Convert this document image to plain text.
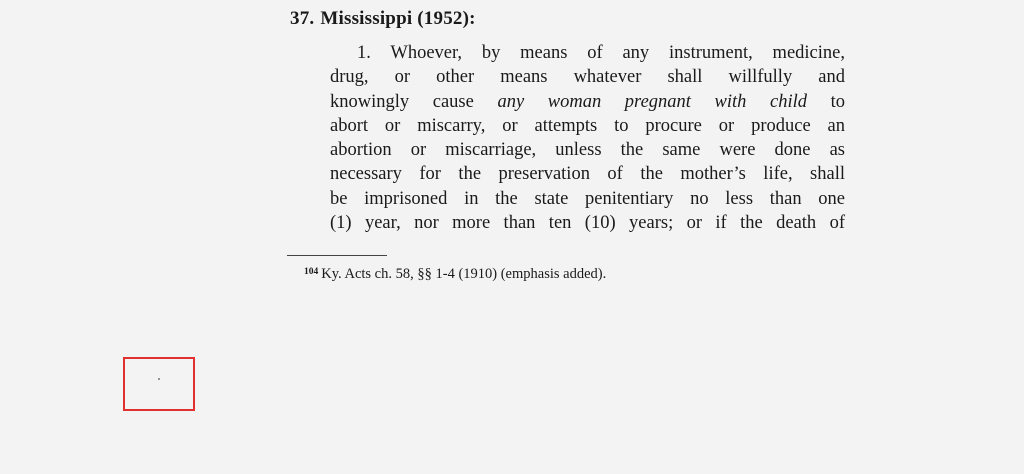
37. Mississippi (1952):
1. Whoever, by means of any instrument, medicine,
drug, or other means whatever shall willfully and
knowingly cause any woman pregnant with child to
abort or miscarry, or attempts to procure or produce an
abortion or miscarriage, unless the same were done as
necessary for the preservation of the mother’s life, shall
be imprisoned in the state penitentiary no less than one
(1) year, nor more than ten (10) years; or if the death of
$^{104}$ Ky. Acts ch. 58, §§ 1-4 (1910) (emphasis added).
